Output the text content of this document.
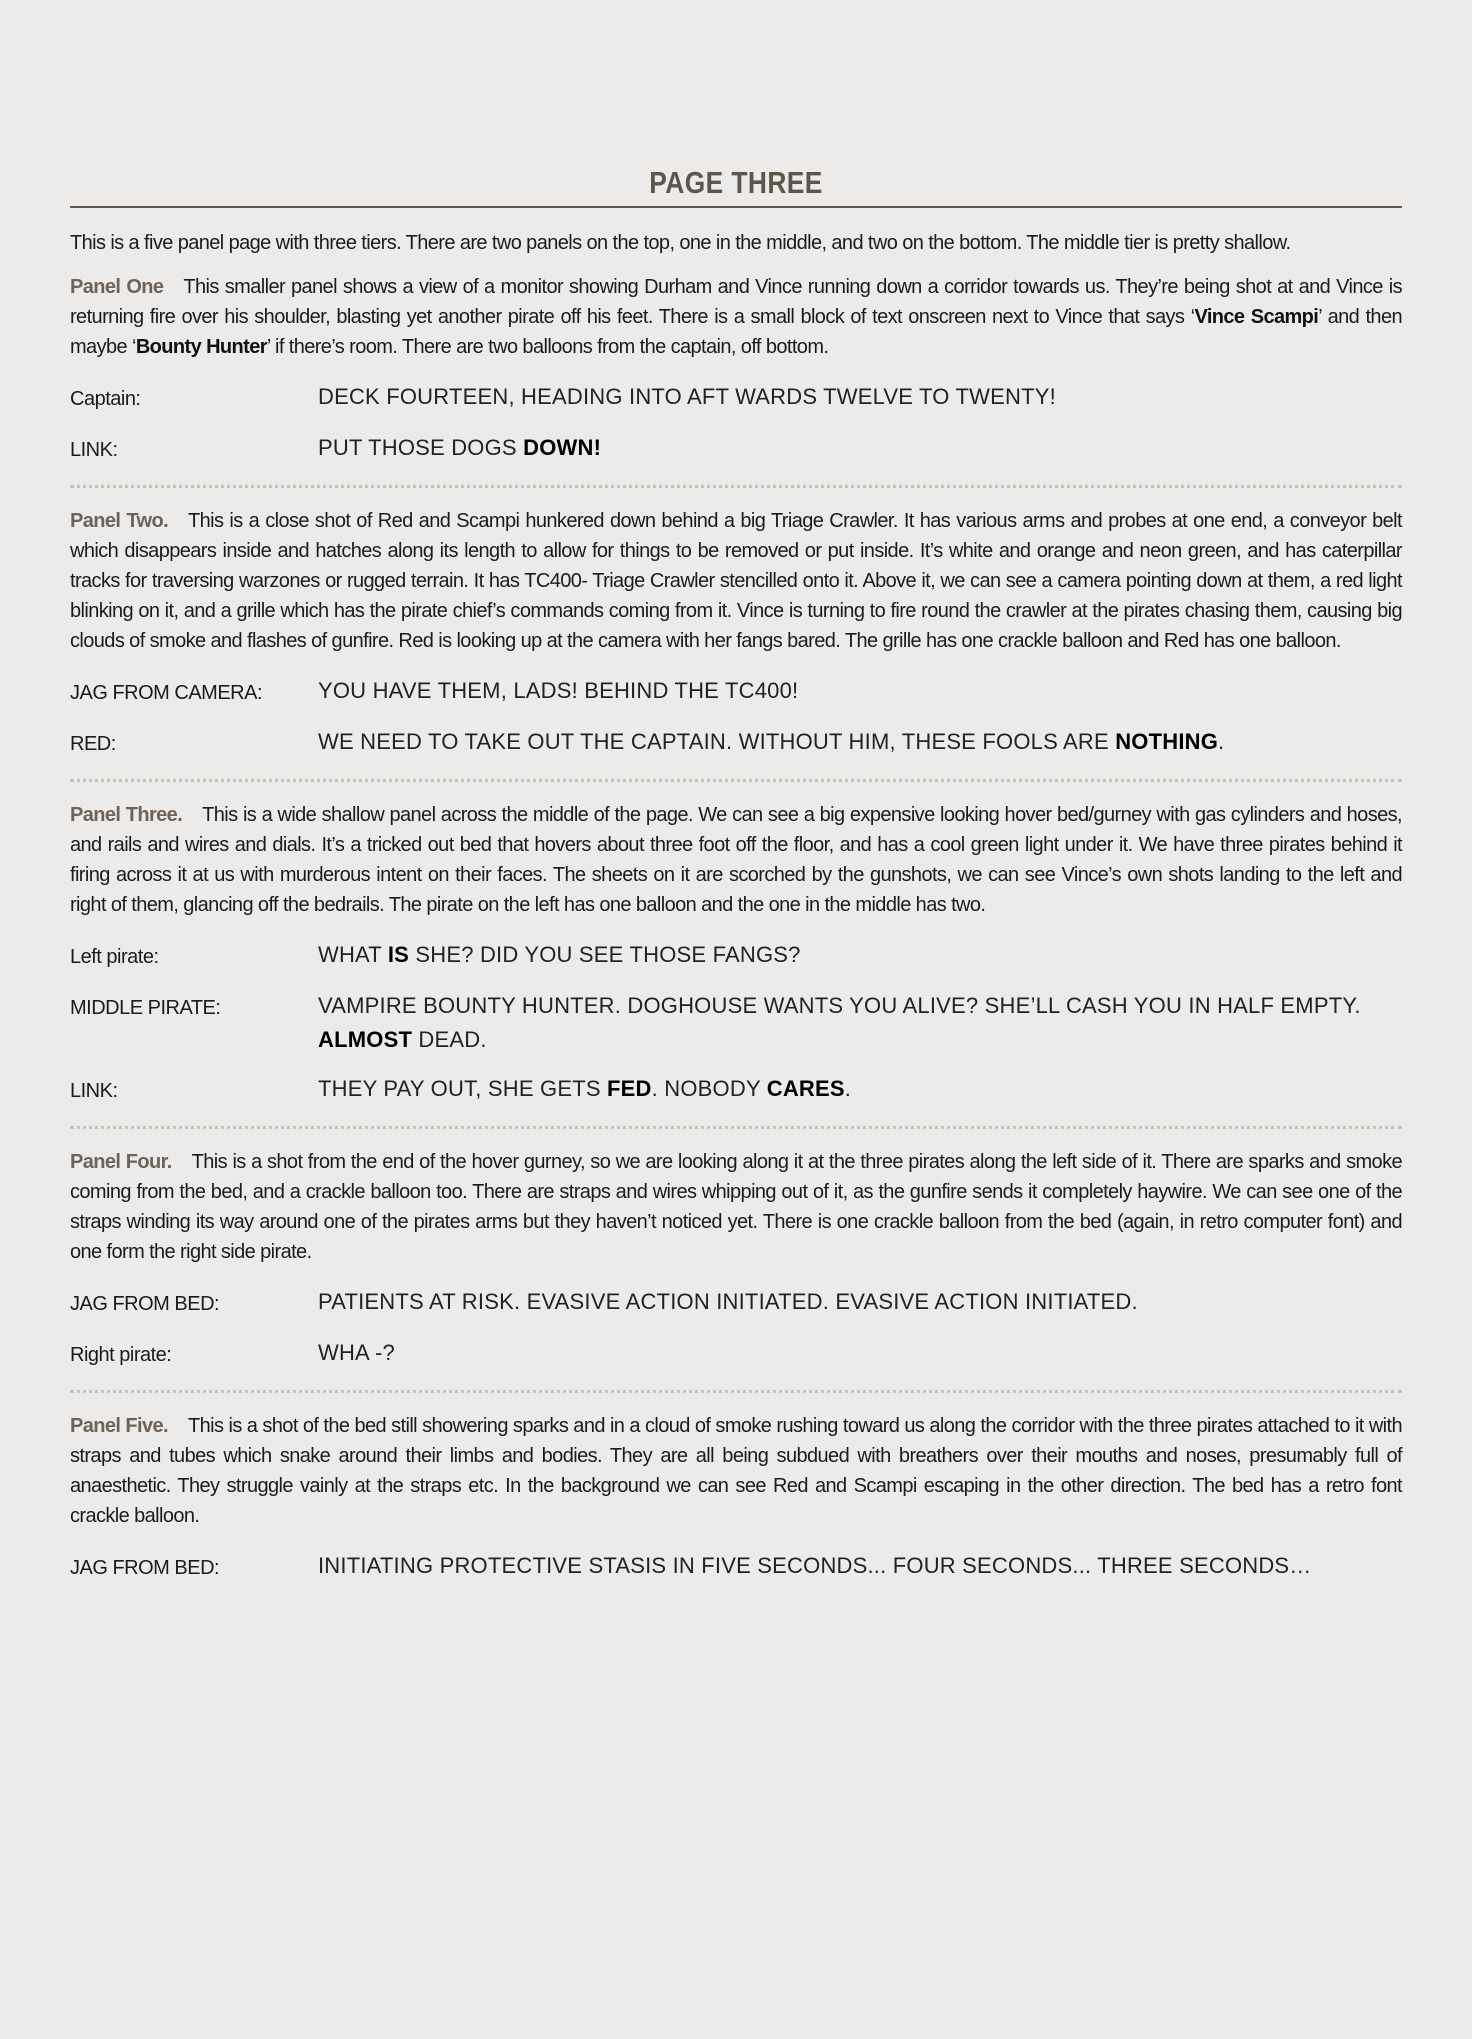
PAGE THREE

This is a five panel page with three tiers. There are two panels on the top, one in the middle, and two on the bottom. The middle tier is pretty shallow.

Panel One This smaller panel shows a view of a monitor showing Durham and Vince running down a corridor towards us. They’re being shot at and Vince is returning fire over his shoulder, blasting yet another pirate off his feet. There is a small block of text onscreen next to Vince that says ‘Vince Scampi’ and then maybe ‘Bounty Hunter’ if there’s room. There are two balloons from the captain, off bottom.

Captain:	DECK FOURTEEN, HEADING INTO AFT WARDS TWELVE TO TWENTY!
LINK:	PUT THOSE DOGS DOWN!

Panel Two. This is a close shot of Red and Scampi hunkered down behind a big Triage Crawler. It has various arms and probes at one end, a conveyor belt which disappears inside and hatches along its length to allow for things to be removed or put inside. It’s white and orange and neon green, and has caterpillar tracks for traversing warzones or rugged terrain. It has TC400- Triage Crawler stencilled onto it. Above it, we can see a camera pointing down at them, a red light blinking on it, and a grille which has the pirate chief’s commands coming from it. Vince is turning to fire round the crawler at the pirates chasing them, causing big clouds of smoke and flashes of gunfire. Red is looking up at the camera with her fangs bared. The grille has one crackle balloon and Red has one balloon.

JAG FROM CAMERA:	YOU HAVE THEM, LADS! BEHIND THE TC400!
RED:	WE NEED TO TAKE OUT THE CAPTAIN. WITHOUT HIM, THESE FOOLS ARE NOTHING.

Panel Three. This is a wide shallow panel across the middle of the page. We can see a big expensive looking hover bed/gurney with gas cylinders and hoses, and rails and wires and dials. It’s a tricked out bed that hovers about three foot off the floor, and has a cool green light under it. We have three pirates behind it firing across it at us with murderous intent on their faces. The sheets on it are scorched by the gunshots, we can see Vince’s own shots landing to the left and right of them, glancing off the bedrails. The pirate on the left has one balloon and the one in the middle has two.

Left pirate:	WHAT IS SHE? DID YOU SEE THOSE FANGS?
MIDDLE PIRATE:	VAMPIRE BOUNTY HUNTER. DOGHOUSE WANTS YOU ALIVE? SHE’LL CASH YOU IN HALF EMPTY. ALMOST DEAD.
LINK:	THEY PAY OUT, SHE GETS FED. NOBODY CARES.

Panel Four. This is a shot from the end of the hover gurney, so we are looking along it at the three pirates along the left side of it. There are sparks and smoke coming from the bed, and a crackle balloon too. There are straps and wires whipping out of it, as the gunfire sends it completely haywire. We can see one of the straps winding its way around one of the pirates arms but they haven’t noticed yet. There is one crackle balloon from the bed (again, in retro computer font) and one form the right side pirate.

JAG FROM BED:	PATIENTS AT RISK. EVASIVE ACTION INITIATED. EVASIVE ACTION INITIATED.
Right pirate:	WHA -?

Panel Five. This is a shot of the bed still showering sparks and in a cloud of smoke rushing toward us along the corridor with the three pirates attached to it with straps and tubes which snake around their limbs and bodies. They are all being subdued with breathers over their mouths and noses, presumably full of anaesthetic. They struggle vainly at the straps etc. In the background we can see Red and Scampi escaping in the other direction. The bed has a retro font crackle balloon.

JAG FROM BED:	INITIATING PROTECTIVE STASIS IN FIVE SECONDS... FOUR SECONDS... THREE SECONDS…
